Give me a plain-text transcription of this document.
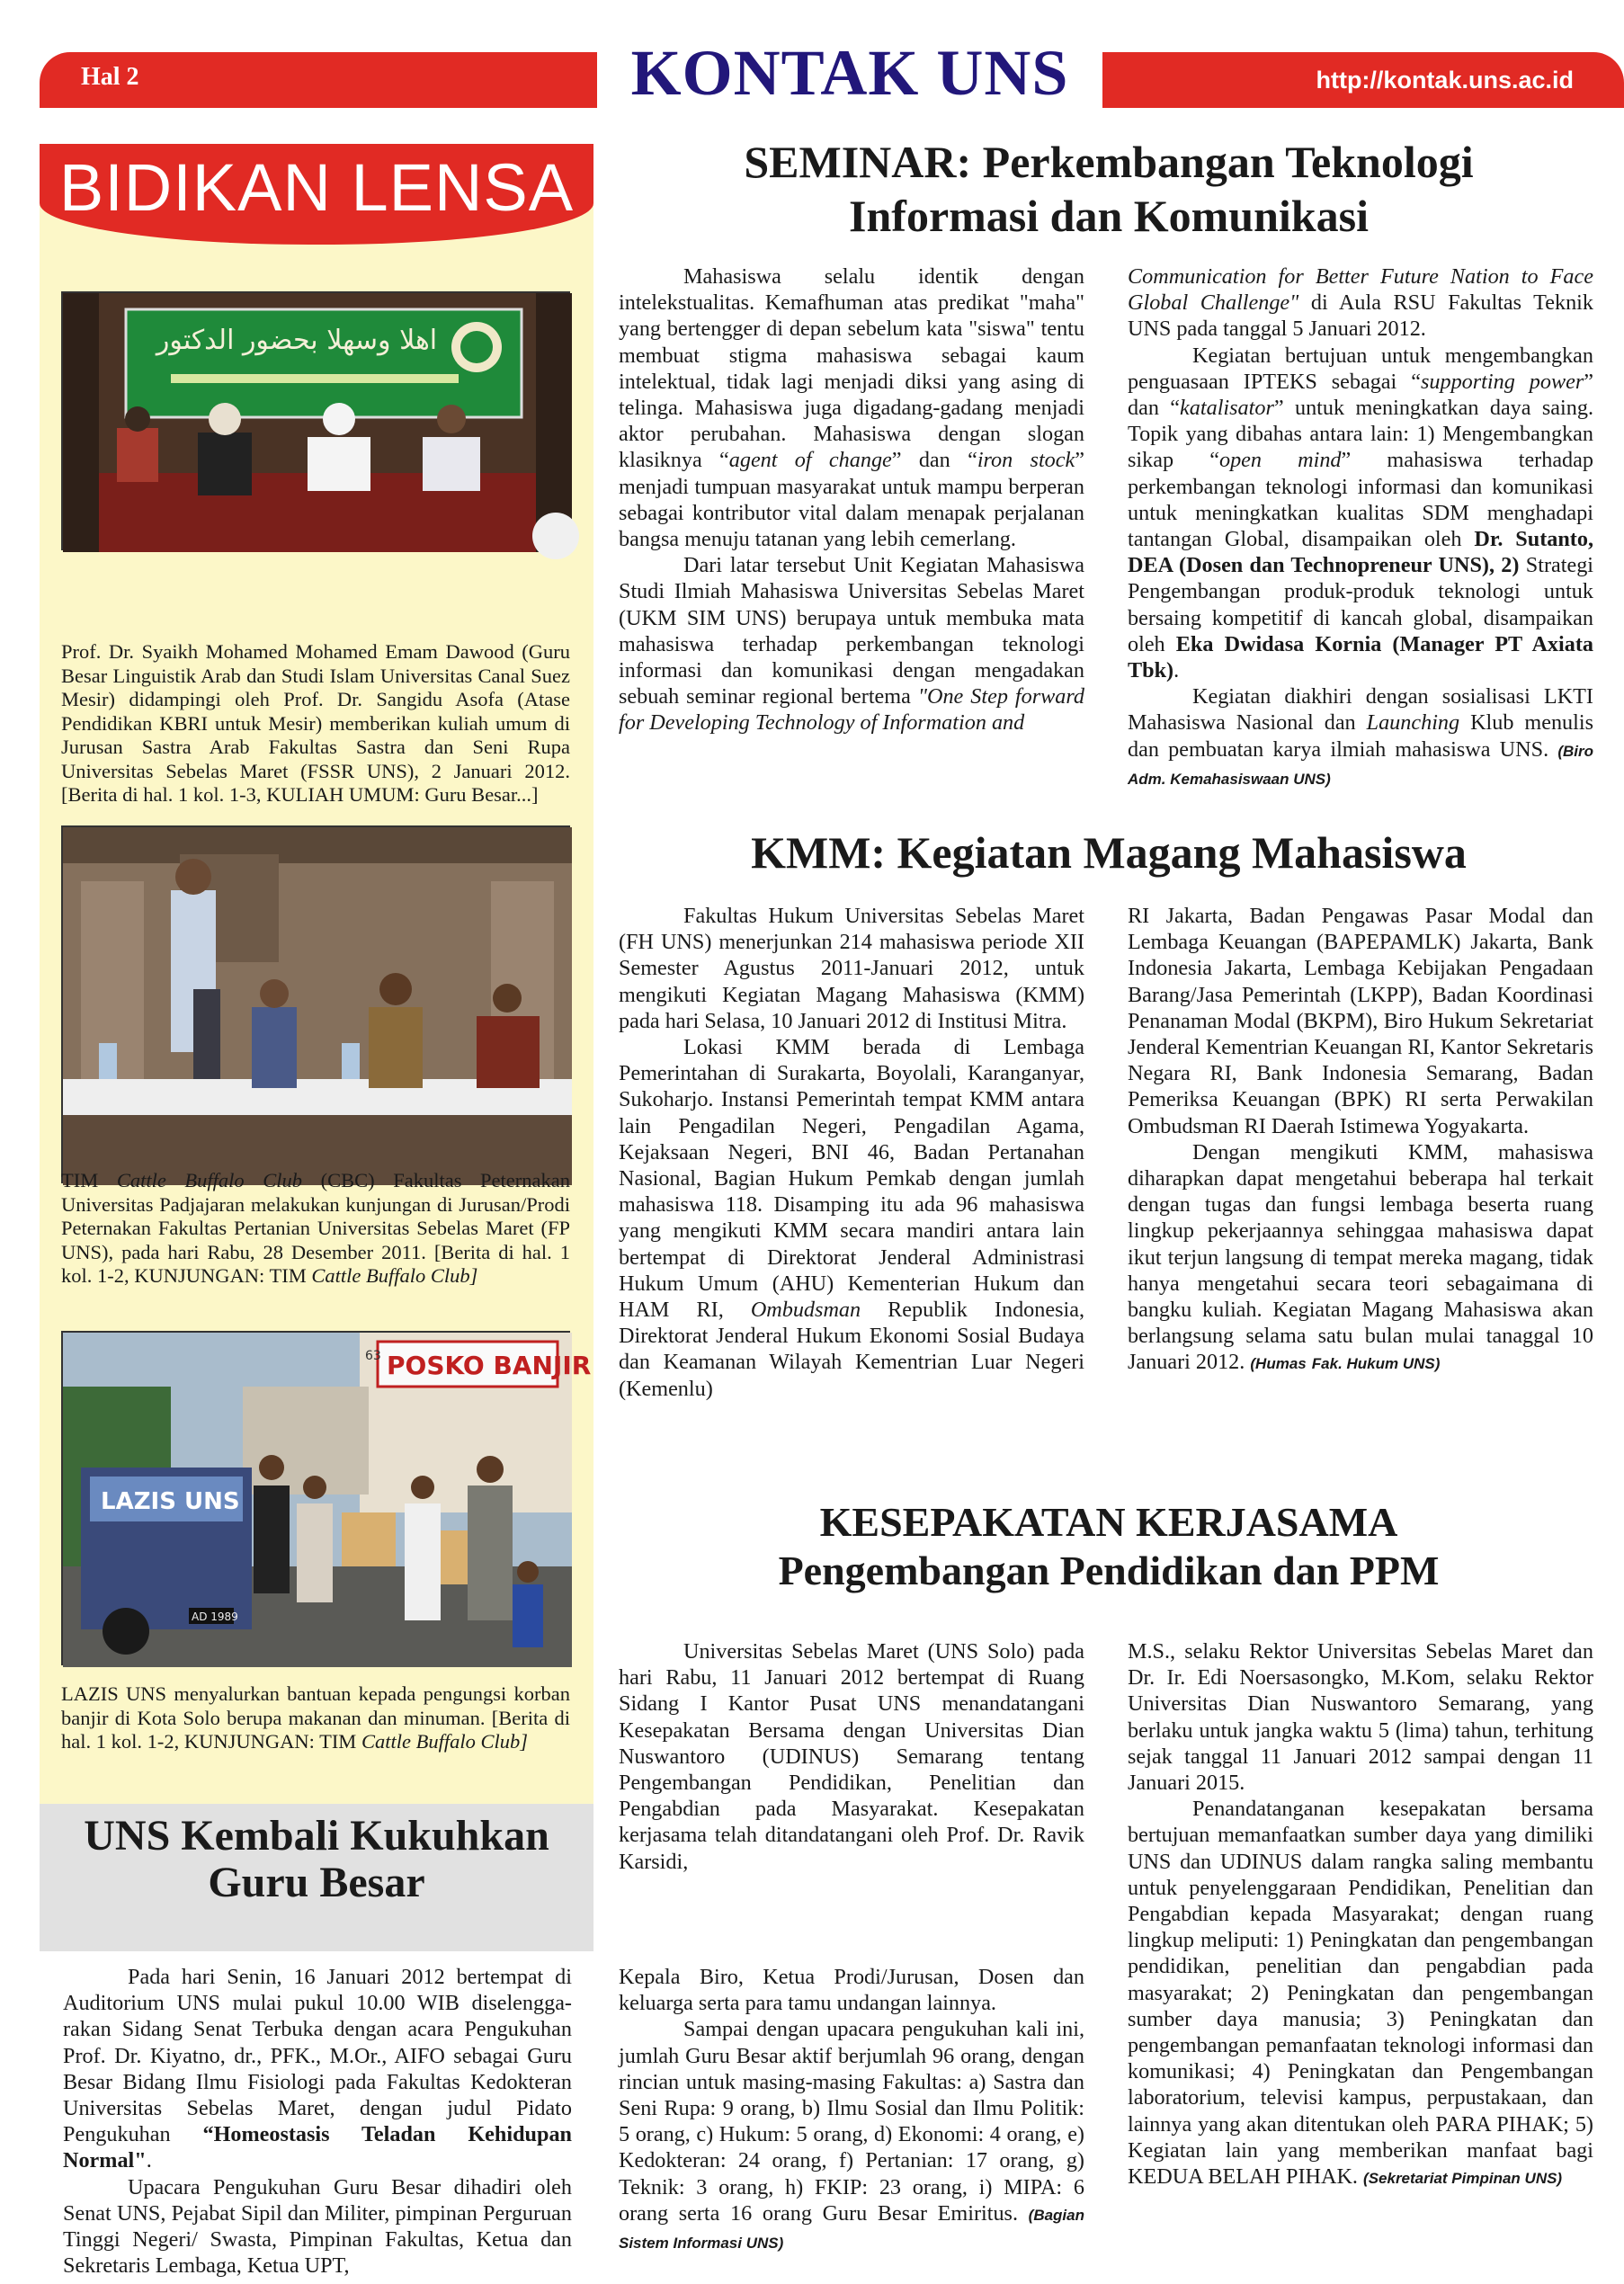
Hal 2	KONTAK UNS	http://kontak.uns.ac.id
BIDIKAN LENSA
اهلا وسهلا بحضور الدكتور
Prof. Dr. Syaikh Mohamed Mohamed Emam Dawood (Guru Besar Linguistik Arab dan Studi Islam Universitas Canal Suez Mesir) didampingi oleh Prof. Dr. Sangidu Asofa (Atase Pendidikan KBRI untuk Mesir) memberikan kuliah umum di Jurusan Sastra Arab Fakultas Sastra dan Seni Rupa Universitas Sebelas Maret (FSSR UNS), 2 Januari 2012. [Berita di hal. 1 kol. 1-3, KULIAH UMUM: Guru Besar...]
TIM Cattle Buffalo Club (CBC) Fakultas Peternakan Universitas Padjajaran melakukan kunjungan di Jurusan/Prodi Peternakan Fakultas Pertanian Universitas Sebelas Maret (FP UNS), pada hari Rabu, 28 Desember 2011. [Berita di hal. 1 kol. 1-2, KUNJUNGAN: TIM Cattle Buffalo Club]
POSKO BANJIR
63
LAZIS UNS
AD 1989
LAZIS UNS menyalurkan bantuan kepada pengungsi korban banjir di Kota Solo berupa makanan dan minuman. [Berita di hal. 1 kol. 1-2, KUNJUNGAN: TIM Cattle Buffalo Club]
UNS Kembali Kukuhkan
Guru Besar
SEMINAR: Perkembangan Teknologi
Informasi dan Komunikasi

Mahasiswa selalu identik dengan intelekstualitas. Kemafhuman atas predikat "maha" yang bertengger di depan sebelum kata "siswa" tentu membuat stigma mahasiswa sebagai kaum intelektual, tidak lagi menjadi diksi yang asing di telinga. Mahasiswa juga digadang-gadang menjadi aktor perubahan. Mahasiswa dengan slogan klasiknya “agent of change” dan “iron stock” menjadi tumpuan masyarakat untuk mampu berperan sebagai kontributor vital dalam menapak perjalanan bangsa menuju tatanan yang lebih cemerlang.

Dari latar tersebut Unit Kegiatan Mahasiswa Studi Ilmiah Mahasiswa Universitas Sebelas Maret (UKM SIM UNS) berupaya untuk membuka mata mahasiswa terhadap perkembangan teknologi informasi dan komunikasi dengan mengadakan sebuah seminar regional bertema "One Step forward for Developing Technology of Information and

Communication for Better Future Nation to Face Global Challenge" di Aula RSU Fakultas Teknik UNS pada tanggal 5 Januari 2012.

Kegiatan bertujuan untuk mengembangkan penguasaan IPTEKS sebagai “supporting power” dan “katalisator” untuk meningkatkan daya saing. Topik yang dibahas antara lain: 1) Mengembangkan sikap “open mind” mahasiswa terhadap perkembangan teknologi informasi dan komunikasi untuk meningkatkan kualitas SDM menghadapi tantangan Global, disampaikan oleh Dr. Sutanto, DEA (Dosen dan Technopreneur UNS), 2) Strategi Pengembangan produk-produk teknologi untuk bersaing kompetitif di kancah global, disampaikan oleh Eka Dwidasa Kornia (Manager PT Axiata Tbk).

Kegiatan diakhiri dengan sosialisasi LKTI Mahasiswa Nasional dan Launching Klub menulis dan pembuatan karya ilmiah mahasiswa UNS. (Biro Adm. Kemahasiswaan UNS)

KMM: Kegiatan Magang Mahasiswa

Fakultas Hukum Universitas Sebelas Maret (FH UNS) menerjunkan 214 mahasiswa periode XII Semester Agustus 2011-Januari 2012, untuk mengikuti Kegiatan Magang Mahasiswa (KMM) pada hari Selasa, 10 Januari 2012 di Institusi Mitra.

Lokasi KMM berada di Lembaga Pemerintahan di Surakarta, Boyolali, Karanganyar, Sukoharjo. Instansi Pemerintah tempat KMM antara lain Pengadilan Negeri, Pengadilan Agama, Kejaksaan Negeri, BNI 46, Badan Pertanahan Nasional, Bagian Hukum Pemkab dengan jumlah mahasiswa 118. Disamping itu ada 96 mahasiswa yang mengikuti KMM secara mandiri antara lain bertempat di Direktorat Jenderal Administrasi Hukum Umum (AHU) Kementerian Hukum dan HAM RI, Ombudsman Republik Indonesia, Direktorat Jenderal Hukum Ekonomi Sosial Budaya dan Keamanan Wilayah Kementrian Luar Negeri (Kemenlu)

RI Jakarta, Badan Pengawas Pasar Modal dan Lembaga Keuangan (BAPEPAMLK) Jakarta, Bank Indonesia Jakarta, Lembaga Kebijakan Pengadaan Barang/Jasa Pemerintah (LKPP), Badan Koordinasi Penanaman Modal (BKPM), Biro Hukum Sekretariat Jenderal Kementrian Keuangan RI, Kantor Sekretaris Negara RI, Bank Indonesia Semarang, Badan Pemeriksa Keuangan (BPK) RI serta Perwakilan Ombudsman RI Daerah Istimewa Yogyakarta.

Dengan mengikuti KMM, mahasiswa diharapkan dapat mengetahui beberapa hal terkait dengan tugas dan fungsi lembaga beserta ruang lingkup pekerjaannya sehinggaa mahasiswa dapat ikut terjun langsung di tempat mereka magang, tidak hanya mengetahui secara teori sebagaimana di bangku kuliah. Kegiatan Magang Mahasiswa akan berlangsung selama satu bulan mulai tanaggal 10 Januari 2012. (Humas Fak. Hukum UNS)

KESEPAKATAN KERJASAMA
Pengembangan Pendidikan dan PPM

Universitas Sebelas Maret (UNS Solo) pada hari Rabu, 11 Januari 2012 bertempat di Ruang Sidang I Kantor Pusat UNS menandatangani Kesepakatan Bersama dengan Universitas Dian Nuswantoro (UDINUS) Semarang tentang Pengembangan Pendidikan, Penelitian dan Pengabdian pada Masyarakat. Kesepakatan kerjasama telah ditandatangani oleh Prof. Dr. Ravik Karsidi,

M.S., selaku Rektor Universitas Sebelas Maret dan Dr. Ir. Edi Noersasongko, M.Kom, selaku Rektor Universitas Dian Nuswantoro Semarang, yang berlaku untuk jangka waktu 5 (lima) tahun, terhitung sejak tanggal 11 Januari 2012 sampai dengan 11 Januari 2015.

Penandatanganan kesepakatan bersama bertujuan memanfaatkan sumber daya yang dimiliki UNS dan UDINUS dalam rangka saling membantu untuk penyelenggaraan Pendidikan, Penelitian dan Pengabdian kepada Masyarakat; dengan ruang lingkup meliputi: 1) Peningkatan dan pengembangan pendidikan, penelitian dan pengabdian pada masyarakat; 2) Peningkatan dan pengembangan sumber daya manusia; 3) Peningkatan dan pengembangan pemanfaatan teknologi informasi dan komunikasi; 4) Peningkatan dan Pengembangan laboratorium, televisi kampus, perpustakaan, dan lainnya yang akan ditentukan oleh PARA PIHAK; 5) Kegiatan lain yang memberikan manfaat bagi KEDUA BELAH PIHAK. (Sekretariat Pimpinan UNS)

Pada hari Senin, 16 Januari 2012 bertempat di Auditorium UNS mulai pukul 10.00 WIB diselengga-rakan Sidang Senat Terbuka dengan acara Pengukuhan Prof. Dr. Kiyatno, dr., PFK., M.Or., AIFO sebagai Guru Besar Bidang Ilmu Fisiologi pada Fakultas Kedokteran Universitas Sebelas Maret, dengan judul Pidato Pengukuhan “Homeostasis Teladan Kehidupan Normal".

Upacara Pengukuhan Guru Besar dihadiri oleh Senat UNS, Pejabat Sipil dan Militer, pimpinan Perguruan Tinggi Negeri/ Swasta, Pimpinan Fakultas, Ketua dan Sekretaris Lembaga, Ketua UPT,

Kepala Biro, Ketua Prodi/Jurusan, Dosen dan keluarga serta para tamu undangan lainnya.

Sampai dengan upacara pengukuhan kali ini, jumlah Guru Besar aktif berjumlah 96 orang, dengan rincian untuk masing-masing Fakultas: a) Sastra dan Seni Rupa: 9 orang, b) Ilmu Sosial dan Ilmu Politik: 5 orang, c) Hukum: 5 orang, d) Ekonomi: 4 orang, e) Kedokteran: 24 orang, f) Pertanian: 17 orang, g) Teknik: 3 orang, h) FKIP: 23 orang, i) MIPA: 6 orang serta 16 orang Guru Besar Emiritus. (Bagian Sistem Informasi UNS)
